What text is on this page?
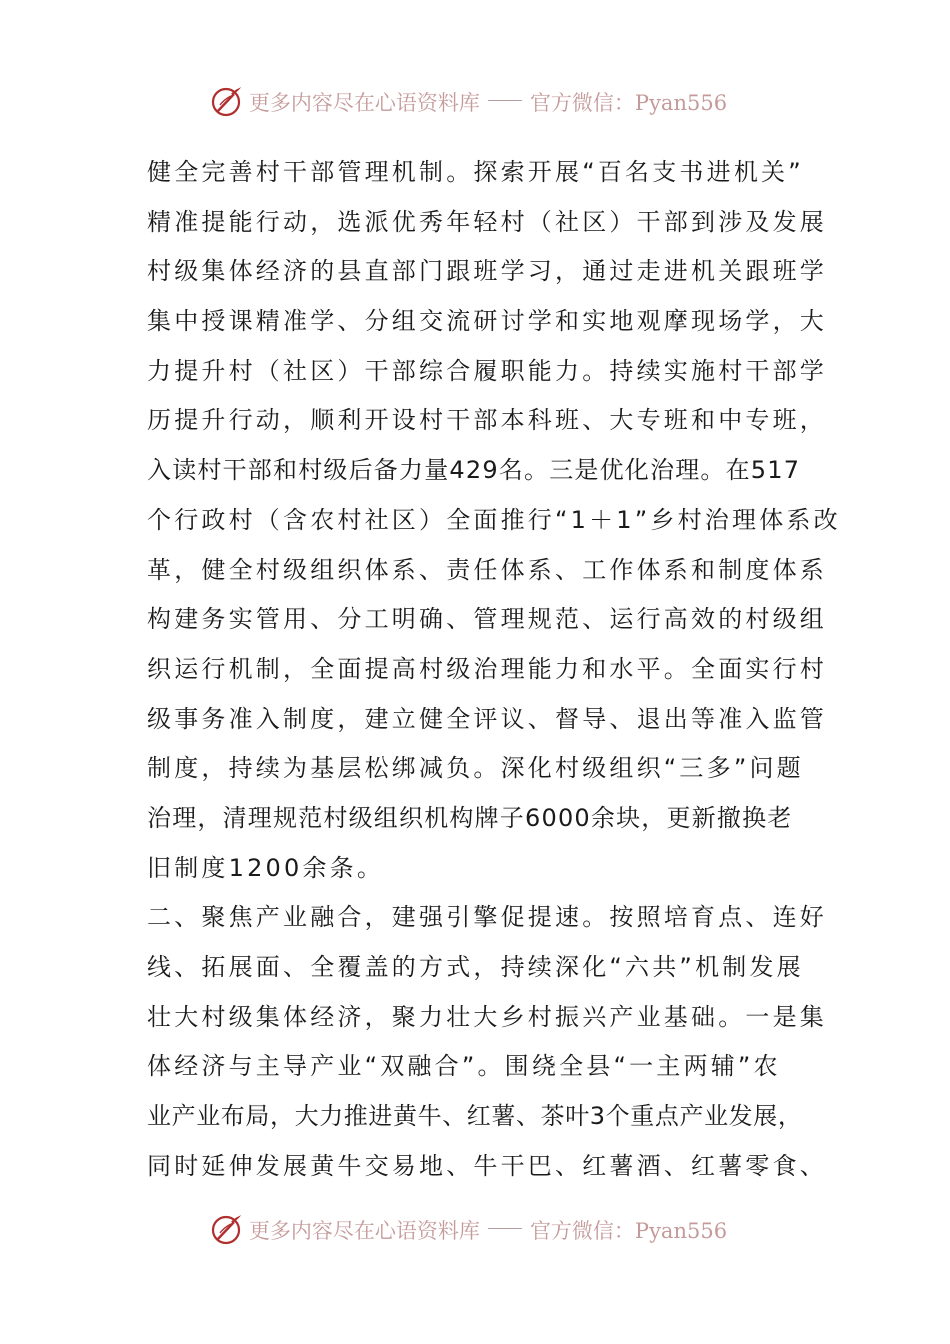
更多内容尽在心语资料库 官方微信：Pyan556
健全完善村干部管理机制。探索开展“百名支书进机关”
精准提能行动，选派优秀年轻村（社区）干部到涉及发展
村级集体经济的县直部门跟班学习，通过走进机关跟班学
集中授课精准学、分组交流研讨学和实地观摩现场学，大
力提升村（社区）干部综合履职能力。持续实施村干部学
历提升行动，顺利开设村干部本科班、大专班和中专班，
入读村干部和村级后备力量429名。三是优化治理。在517
个行政村（含农村社区）全面推行“1＋1”乡村治理体系改
革，健全村级组织体系、责任体系、工作体系和制度体系
构建务实管用、分工明确、管理规范、运行高效的村级组
织运行机制，全面提高村级治理能力和水平。全面实行村
级事务准入制度，建立健全评议、督导、退出等准入监管
制度，持续为基层松绑减负。深化村级组织“三多”问题
治理，清理规范村级组织机构牌子6000余块，更新撤换老
旧制度1200余条。
二、聚焦产业融合，建强引擎促提速。按照培育点、连好
线、拓展面、全覆盖的方式，持续深化“六共”机制发展
壮大村级集体经济，聚力壮大乡村振兴产业基础。一是集
体经济与主导产业“双融合”。围绕全县“一主两辅”农
业产业布局，大力推进黄牛、红薯、茶叶3个重点产业发展，
同时延伸发展黄牛交易地、牛干巴、红薯酒、红薯零食、
更多内容尽在心语资料库 官方微信：Pyan556
